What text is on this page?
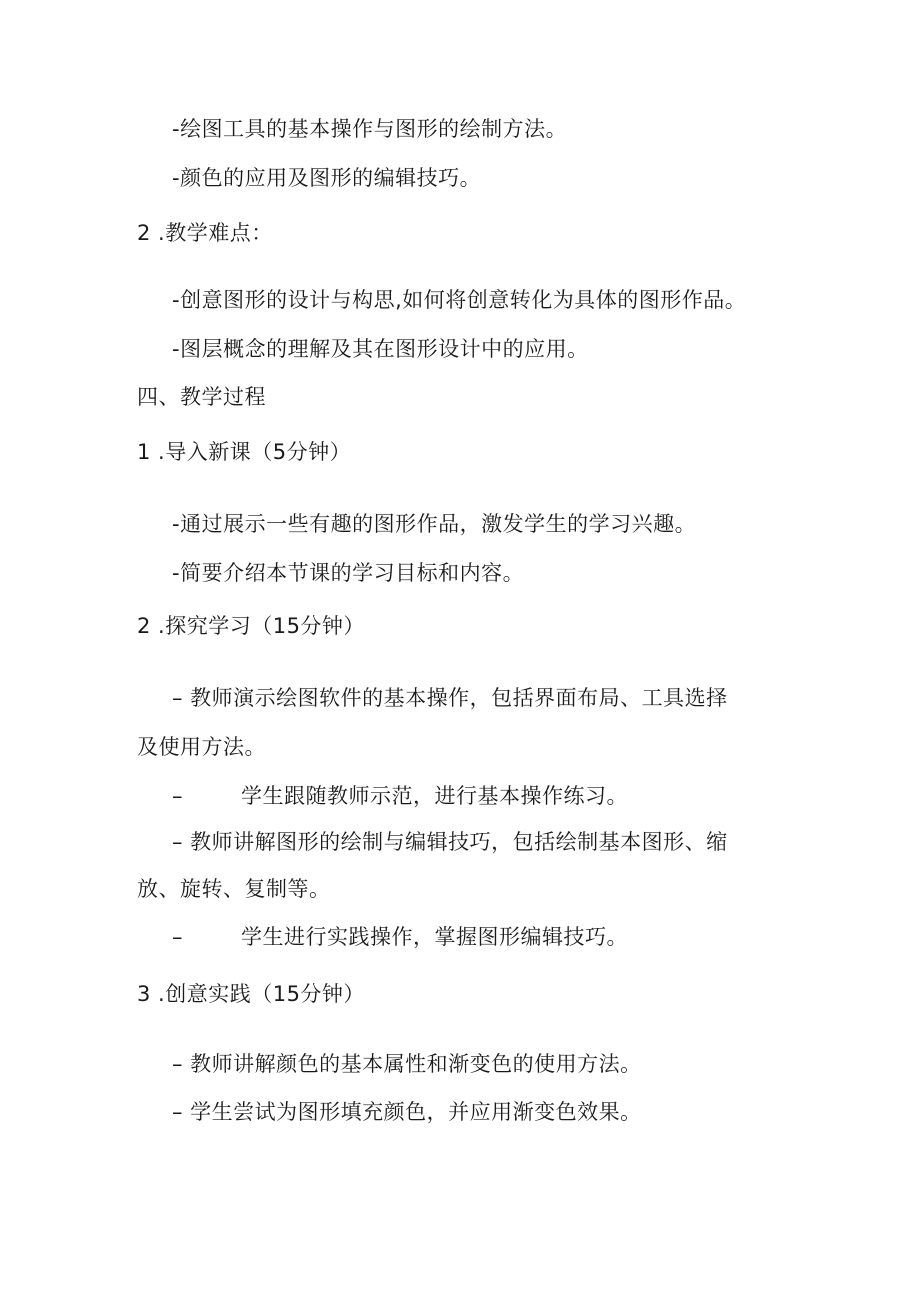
-绘图工具的基本操作与图形的绘制方法。
-颜色的应用及图形的编辑技巧。
2 .教学难点：
-创意图形的设计与构思,如何将创意转化为具体的图形作品。
-图层概念的理解及其在图形设计中的应用。
四、教学过程
1 .导入新课（5分钟）
-通过展示一些有趣的图形作品，激发学生的学习兴趣。
-简要介绍本节课的学习目标和内容。
2 .探究学习（15分钟）
– 教师演示绘图软件的基本操作，包括界面布局、工具选择
及使用方法。
–	学生跟随教师示范，进行基本操作练习。
– 教师讲解图形的绘制与编辑技巧，包括绘制基本图形、缩
放、旋转、复制等。
–	学生进行实践操作，掌握图形编辑技巧。
3 .创意实践（15分钟）
– 教师讲解颜色的基本属性和渐变色的使用方法。
– 学生尝试为图形填充颜色，并应用渐变色效果。
